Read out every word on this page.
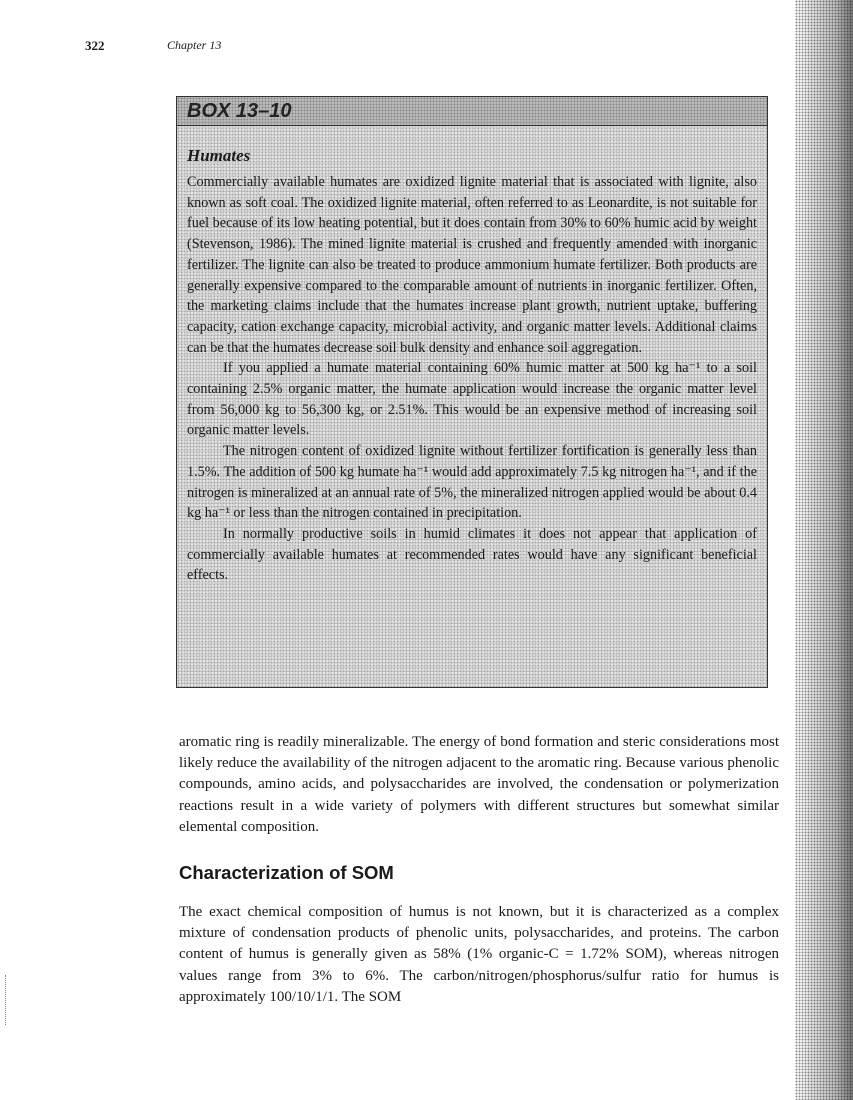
322	Chapter 13
BOX 13–10
Humates

Commercially available humates are oxidized lignite material that is associated with lignite, also known as soft coal. The oxidized lignite material, often referred to as Leonardite, is not suitable for fuel because of its low heating potential, but it does contain from 30% to 60% humic acid by weight (Stevenson, 1986). The mined lignite material is crushed and frequently amended with inorganic fertilizer. The lignite can also be treated to produce ammonium humate fertilizer. Both products are generally expensive compared to the comparable amount of nutrients in inorganic fertilizer. Often, the marketing claims include that the humates increase plant growth, nutrient uptake, buffering capacity, cation exchange capacity, microbial activity, and organic matter levels. Additional claims can be that the humates decrease soil bulk density and enhance soil aggregation.

If you applied a humate material containing 60% humic matter at 500 kg ha⁻¹ to a soil containing 2.5% organic matter, the humate application would increase the organic matter level from 56,000 kg to 56,300 kg, or 2.51%. This would be an expensive method of increasing soil organic matter levels.

The nitrogen content of oxidized lignite without fertilizer fortification is generally less than 1.5%. The addition of 500 kg humate ha⁻¹ would add approximately 7.5 kg nitrogen ha⁻¹, and if the nitrogen is mineralized at an annual rate of 5%, the mineralized nitrogen applied would be about 0.4 kg ha⁻¹ or less than the nitrogen contained in precipitation.

In normally productive soils in humid climates it does not appear that application of commercially available humates at recommended rates would have any significant beneficial effects.

aromatic ring is readily mineralizable. The energy of bond formation and steric considerations most likely reduce the availability of the nitrogen adjacent to the aromatic ring. Because various phenolic compounds, amino acids, and polysaccharides are involved, the condensation or polymerization reactions result in a wide variety of polymers with different structures but somewhat similar elemental composition.

Characterization of SOM

The exact chemical composition of humus is not known, but it is characterized as a complex mixture of condensation products of phenolic units, polysaccharides, and proteins. The carbon content of humus is generally given as 58% (1% organic-C = 1.72% SOM), whereas nitrogen values range from 3% to 6%. The carbon/nitrogen/phosphorus/sulfur ratio for humus is approximately 100/10/1/1. The SOM
